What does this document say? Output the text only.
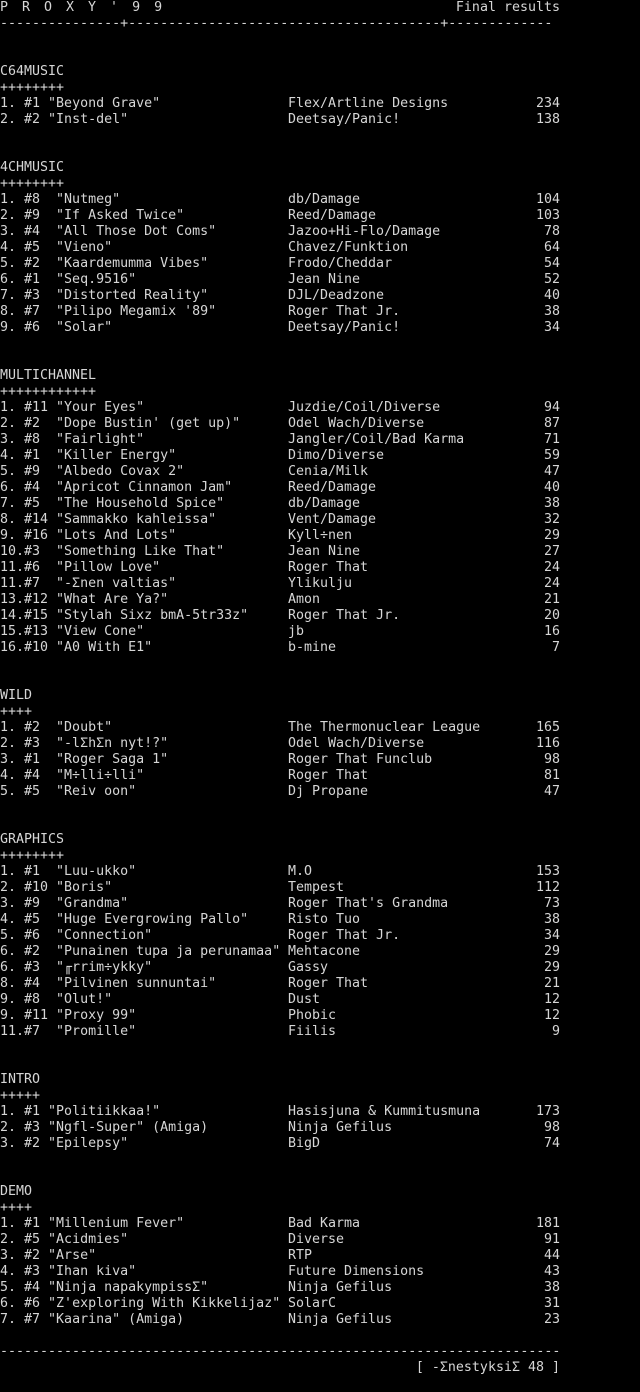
P R O X Y ' 9 9	Final results
---------------+---------------------------------------+-------------
C64MUSIC
++++++++
1. #1 "Beyond Grave"	Flex/Artline Designs	234
2. #2 "Inst-del"	Deetsay/Panic!	138
4CHMUSIC
++++++++
1. #8  "Nutmeg"	db/Damage	104
2. #9  "If Asked Twice"	Reed/Damage	103
3. #4  "All Those Dot Coms"	Jazoo+Hi-Flo/Damage	78
4. #5  "Vieno"	Chavez/Funktion	64
5. #2  "Kaardemumma Vibes"	Frodo/Cheddar	54
6. #1  "Seq.9516"	Jean Nine	52
7. #3  "Distorted Reality"	DJL/Deadzone	40
8. #7  "Pilipo Megamix '89"	Roger That Jr.	38
9. #6  "Solar"	Deetsay/Panic!	34
MULTICHANNEL
++++++++++++
1. #11 "Your Eyes"	Juzdie/Coil/Diverse	94
2. #2  "Dope Bustin' (get up)"	Odel Wach/Diverse	87
3. #8  "Fairlight"	Jangler/Coil/Bad Karma	71
4. #1  "Killer Energy"	Dimo/Diverse	59
5. #9  "Albedo Covax 2"	Cenia/Milk	47
6. #4  "Apricot Cinnamon Jam"	Reed/Damage	40
7. #5  "The Household Spice"	db/Damage	38
8. #14 "Sammakko kahleissa"	Vent/Damage	32
9. #16 "Lots And Lots"	Kyll÷nen	29
10.#3  "Something Like That"	Jean Nine	27
11.#6  "Pillow Love"	Roger That	24
11.#7  "-Σnen valtias"	Ylikulju	24
13.#12 "What Are Ya?"	Amon	21
14.#15 "Stylah Sixz bmA-5tr33z"	Roger That Jr.	20
15.#13 "View Cone"	jb	16
16.#10 "A0 With E1"	b-mine	7
WILD
++++
1. #2  "Doubt"	The Thermonuclear League	165
2. #3  "-lΣhΣn nyt!?"	Odel Wach/Diverse	116
3. #1  "Roger Saga 1"	Roger That Funclub	98
4. #4  "M÷lli÷lli"	Roger That	81
5. #5  "Reiv oon"	Dj Propane	47
GRAPHICS
++++++++
1. #1  "Luu-ukko"	M.O	153
2. #10 "Boris"	Tempest	112
3. #9  "Grandma"	Roger That's Grandma	73
4. #5  "Huge Evergrowing Pallo"	Risto Tuo	38
5. #6  "Connection"	Roger That Jr.	34
6. #2  "Punainen tupa ja perunamaa" Mehtacone	29
6. #3  "╓rrim÷ykky"	Gassy	29
8. #4  "Pilvinen sunnuntai"	Roger That	21
9. #8  "Olut!"	Dust	12
9. #11 "Proxy 99"	Phobic	12
11.#7  "Promille"	Fiilis	9
INTRO
+++++
1. #1 "Politiikkaa!"	Hasisjuna & Kummitusmuna	173
2. #3 "Ngfl-Super" (Amiga)	Ninja Gefilus	98
3. #2 "Epilepsy"	BigD	74
DEMO
++++
1. #1 "Millenium Fever"	Bad Karma	181
2. #5 "Acidmies"	Diverse	91
3. #2 "Arse"	RTP	44
4. #3 "Ihan kiva"	Future Dimensions	43
5. #4 "Ninja napakympissΣ"	Ninja Gefilus	38
6. #6 "Z'exploring With Kikkelijaz" SolarC	31
7. #7 "Kaarina" (Amiga)	Ninja Gefilus	23
----------------------------------------------------------------------
[ -ΣnestyksiΣ 48 ]
